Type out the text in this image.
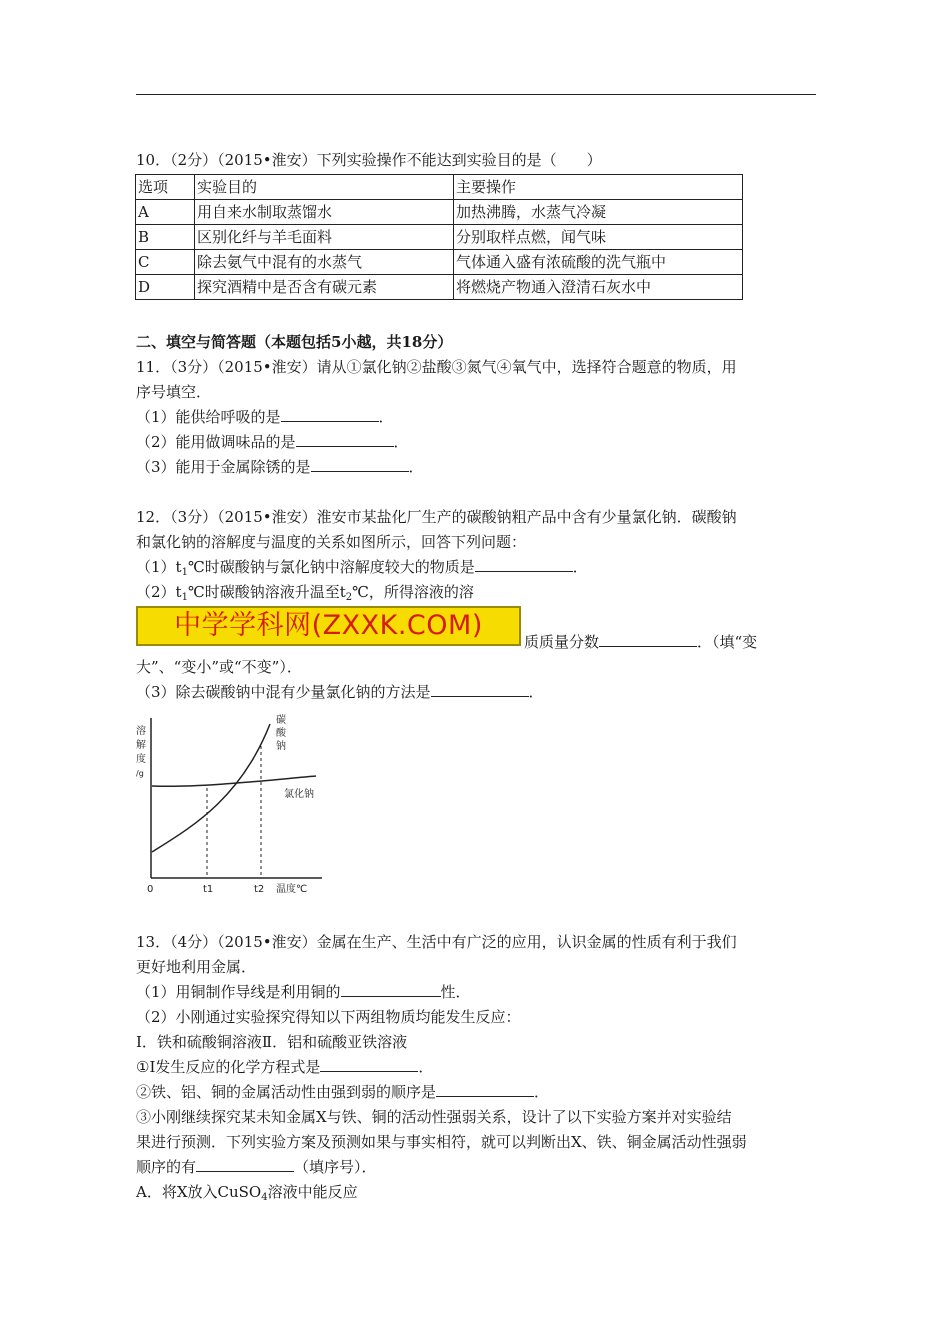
10．（2分）（2015•淮安）下列实验操作不能达到实验目的是（　　）
选项	实验目的	主要操作
A	用自来水制取蒸馏水	加热沸腾，水蒸气冷凝
B	区别化纤与羊毛面料	分别取样点燃，闻气味
C	除去氨气中混有的水蒸气	气体通入盛有浓硫酸的洗气瓶中
D	探究酒精中是否含有碳元素	将燃烧产物通入澄清石灰水中
二、填空与简答题（本题包括5小越，共18分）
11．（3分）（2015•淮安）请从①氯化钠②盐酸③氮气④氧气中，选择符合题意的物质，用
序号填空．
（1）能供给呼吸的是	．
（2）能用做调味品的是	．
（3）能用于金属除锈的是	．
12．（3分）（2015•淮安）淮安市某盐化厂生产的碳酸钠粗产品中含有少量氯化钠．碳酸钠
和氯化钠的溶解度与温度的关系如图所示，回答下列问题：
$(1)t_1℃$时碳酸钠与氯化钠中溶解度较大的物质是	．
$(2)t_1℃$时碳酸钠溶液升温至$t_2℃$，所得溶液的溶
中学学科网(ZXXK.COM)
质质量分数	．（填“变
大”、“变小”或“不变”）．
（3）除去碳酸钠中混有少量氯化钠的方法是	．
溶
解
度
/g
碳
酸
钠
氯化钠
0	t1	t2 温度℃
13．（4分）（2015•淮安）金属在生产、生活中有广泛的应用，认识金属的性质有利于我们
更好地利用金属．
（1）用铜制作导线是利用铜的	性．
（2）小刚通过实验探究得知以下两组物质均能发生反应：
I．铁和硫酸铜溶液Ⅱ．铝和硫酸亚铁溶液
①I发生反应的化学方程式是	．
②铁、铝、铜的金属活动性由强到弱的顺序是	．
③小刚继续探究某未知金属X与铁、铜的活动性强弱关系，设计了以下实验方案并对实验结
果进行预测．下列实验方案及预测如果与事实相符，就可以判断出X、铁、铜金属活动性强弱
顺序的有	（填序号）．
A．将X放入CuSO$_4$溶液中能反应
